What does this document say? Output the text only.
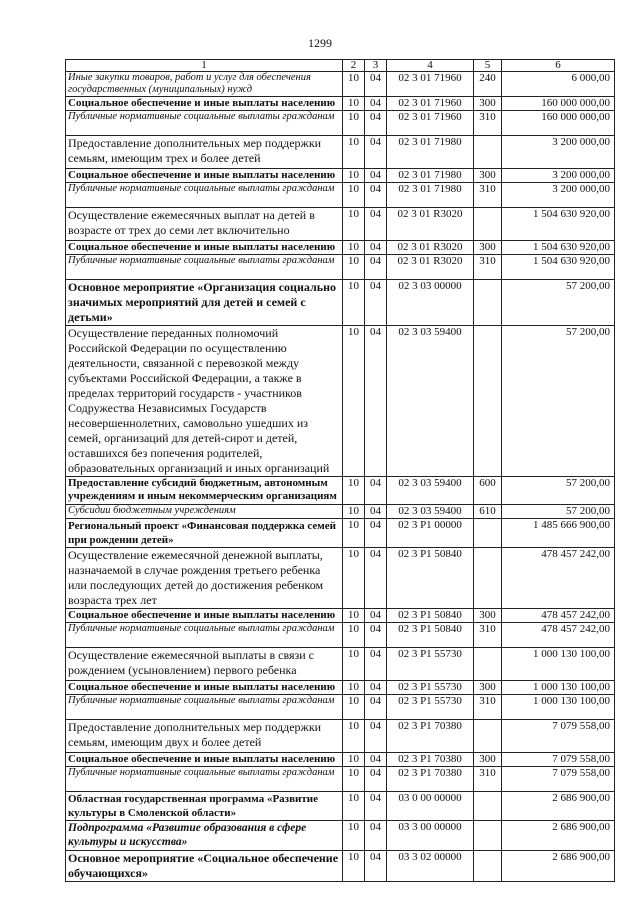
1299
1	2	3	4	5	6
Иные закупки товаров, работ и услуг для обеспечения государственных (муниципальных) нужд	10	04	02 3 01 71960	240	6 000,00
Социальное обеспечение и иные выплаты населению	10	04	02 3 01 71960	300	160 000 000,00
Публичные нормативные социальные выплаты гражданам	10	04	02 3 01 71960	310	160 000 000,00
Предоставление дополнительных мер поддержки семьям, имеющим трех и более детей	10	04	02 3 01 71980		3 200 000,00
Социальное обеспечение и иные выплаты населению	10	04	02 3 01 71980	300	3 200 000,00
Публичные нормативные социальные выплаты гражданам	10	04	02 3 01 71980	310	3 200 000,00
Осуществление ежемесячных выплат на детей в возрасте от трех до семи лет включительно	10	04	02 3 01 R3020		1 504 630 920,00
Социальное обеспечение и иные выплаты населению	10	04	02 3 01 R3020	300	1 504 630 920,00
Публичные нормативные социальные выплаты гражданам	10	04	02 3 01 R3020	310	1 504 630 920,00
Основное мероприятие «Организация социально значимых мероприятий для детей и семей с детьми»	10	04	02 3 03 00000		57 200,00
Осуществление переданных полномочий Российской Федерации по осуществлению деятельности, связанной с перевозкой между субъектами Российской Федерации, а также в пределах территорий государств - участников Содружества Независимых Государств несовершеннолетних, самовольно ушедших из семей, организаций для детей-сирот и детей, оставшихся без попечения родителей, образовательных организаций и иных организаций	10	04	02 3 03 59400		57 200,00
Предоставление субсидий бюджетным, автономным учреждениям и иным некоммерческим организациям	10	04	02 3 03 59400	600	57 200,00
Субсидии бюджетным учреждениям	10	04	02 3 03 59400	610	57 200,00
Региональный проект «Финансовая поддержка семей при рождении детей»	10	04	02 3 P1 00000		1 485 666 900,00
Осуществление ежемесячной денежной выплаты, назначаемой в случае рождения третьего ребенка или последующих детей до достижения ребенком возраста трех лет	10	04	02 3 P1 50840		478 457 242,00
Социальное обеспечение и иные выплаты населению	10	04	02 3 P1 50840	300	478 457 242,00
Публичные нормативные социальные выплаты гражданам	10	04	02 3 P1 50840	310	478 457 242,00
Осуществление ежемесячной выплаты в связи с рождением (усыновлением) первого ребенка	10	04	02 3 P1 55730		1 000 130 100,00
Социальное обеспечение и иные выплаты населению	10	04	02 3 P1 55730	300	1 000 130 100,00
Публичные нормативные социальные выплаты гражданам	10	04	02 3 P1 55730	310	1 000 130 100,00
Предоставление дополнительных мер поддержки семьям, имеющим двух и более детей	10	04	02 3 P1 70380		7 079 558,00
Социальное обеспечение и иные выплаты населению	10	04	02 3 P1 70380	300	7 079 558,00
Публичные нормативные социальные выплаты гражданам	10	04	02 3 P1 70380	310	7 079 558,00
Областная государственная программа «Развитие культуры в Смоленской области»	10	04	03 0 00 00000		2 686 900,00
Подпрограмма «Развитие образования в сфере культуры и искусства»	10	04	03 3 00 00000		2 686 900,00
Основное мероприятие «Социальное обеспечение обучающихся»	10	04	03 3 02 00000		2 686 900,00
